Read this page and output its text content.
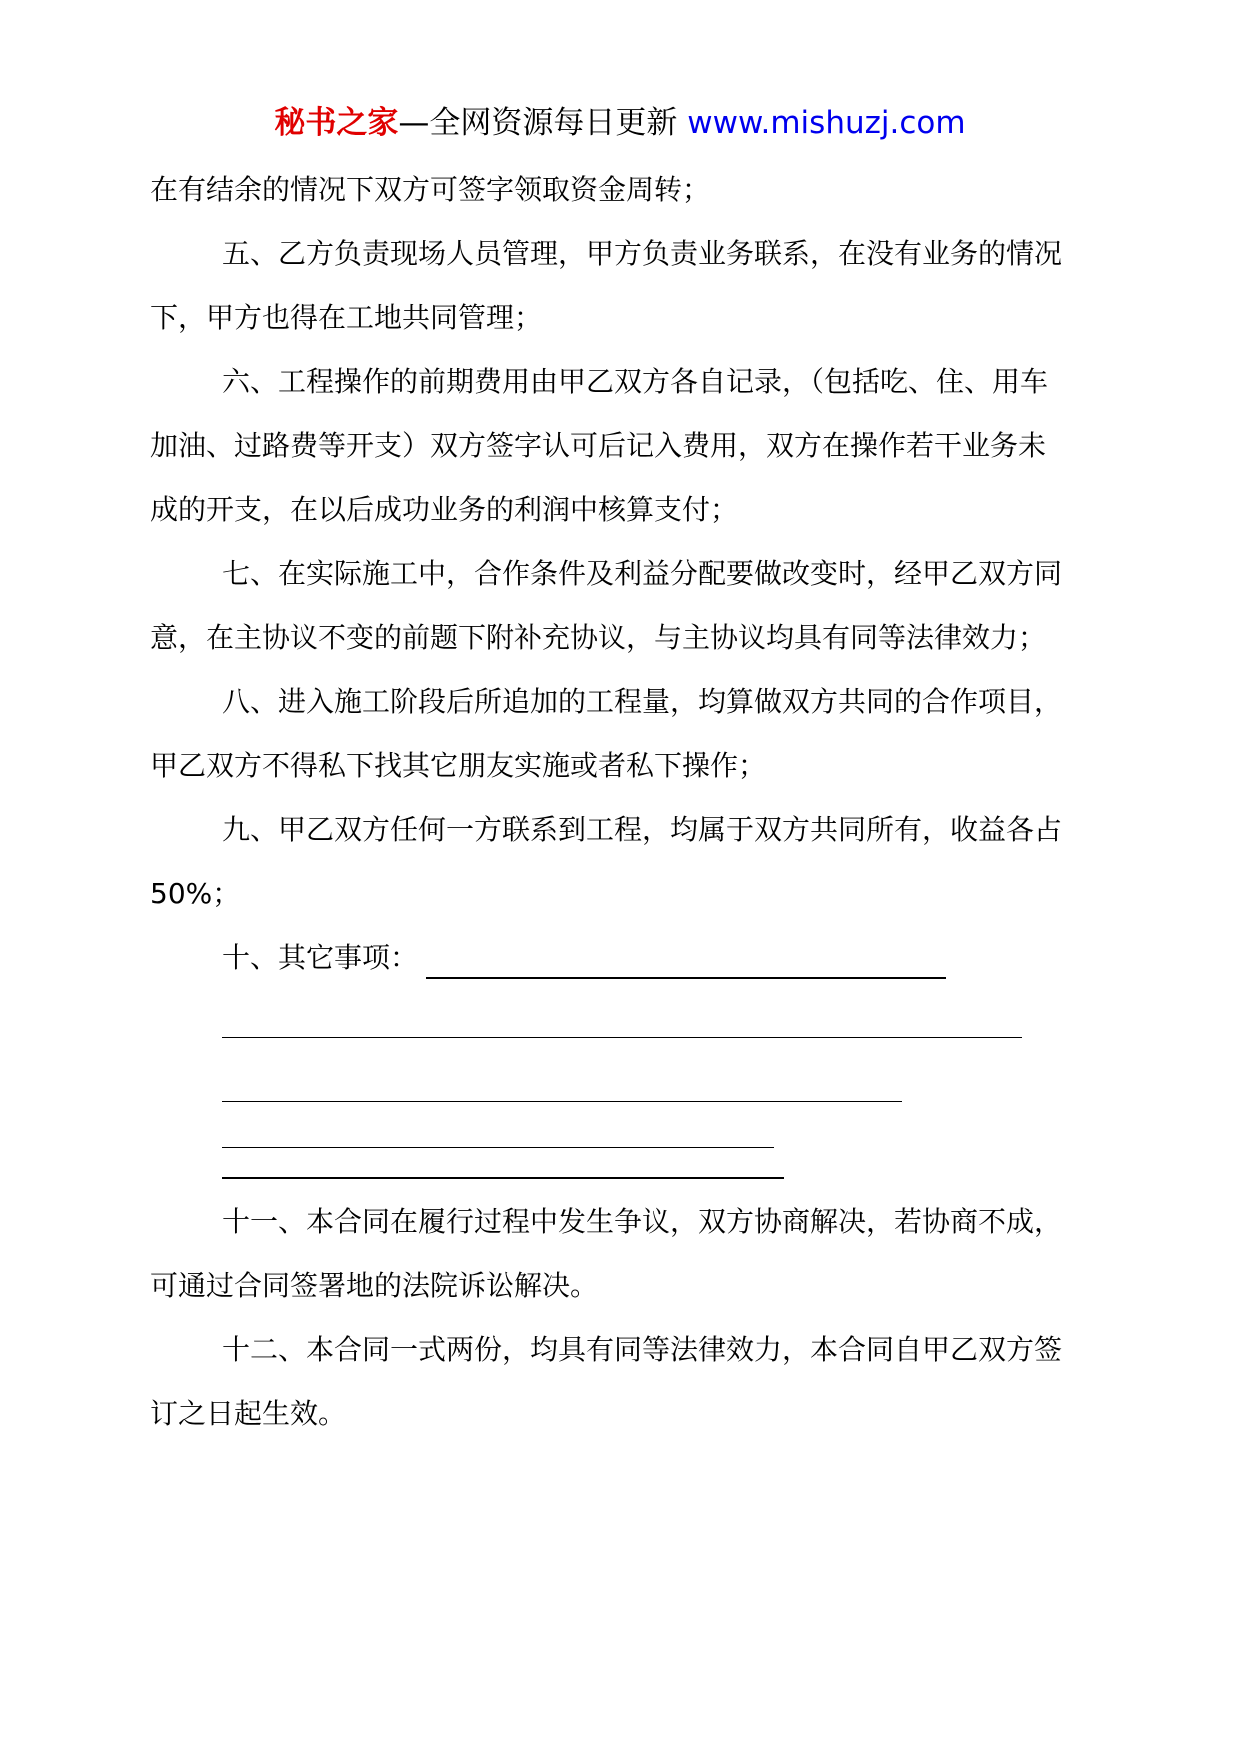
秘书之家—全网资源每日更新 www.mishuzj.com
在有结余的情况下双方可签字领取资金周转；
五、乙方负责现场人员管理，甲方负责业务联系，在没有业务的情况
下，甲方也得在工地共同管理；
六、工程操作的前期费用由甲乙双方各自记录，（包括吃、住、用车
加油、过路费等开支）双方签字认可后记入费用，双方在操作若干业务未
成的开支，在以后成功业务的利润中核算支付；
七、在实际施工中，合作条件及利益分配要做改变时，经甲乙双方同
意，在主协议不变的前题下附补充协议，与主协议均具有同等法律效力；
八、进入施工阶段后所追加的工程量，均算做双方共同的合作项目，
甲乙双方不得私下找其它朋友实施或者私下操作；
九、甲乙双方任何一方联系到工程，均属于双方共同所有，收益各占
50%；
十、其它事项：
十一、本合同在履行过程中发生争议，双方协商解决，若协商不成，
可通过合同签署地的法院诉讼解决。
十二、本合同一式两份，均具有同等法律效力，本合同自甲乙双方签
订之日起生效。
